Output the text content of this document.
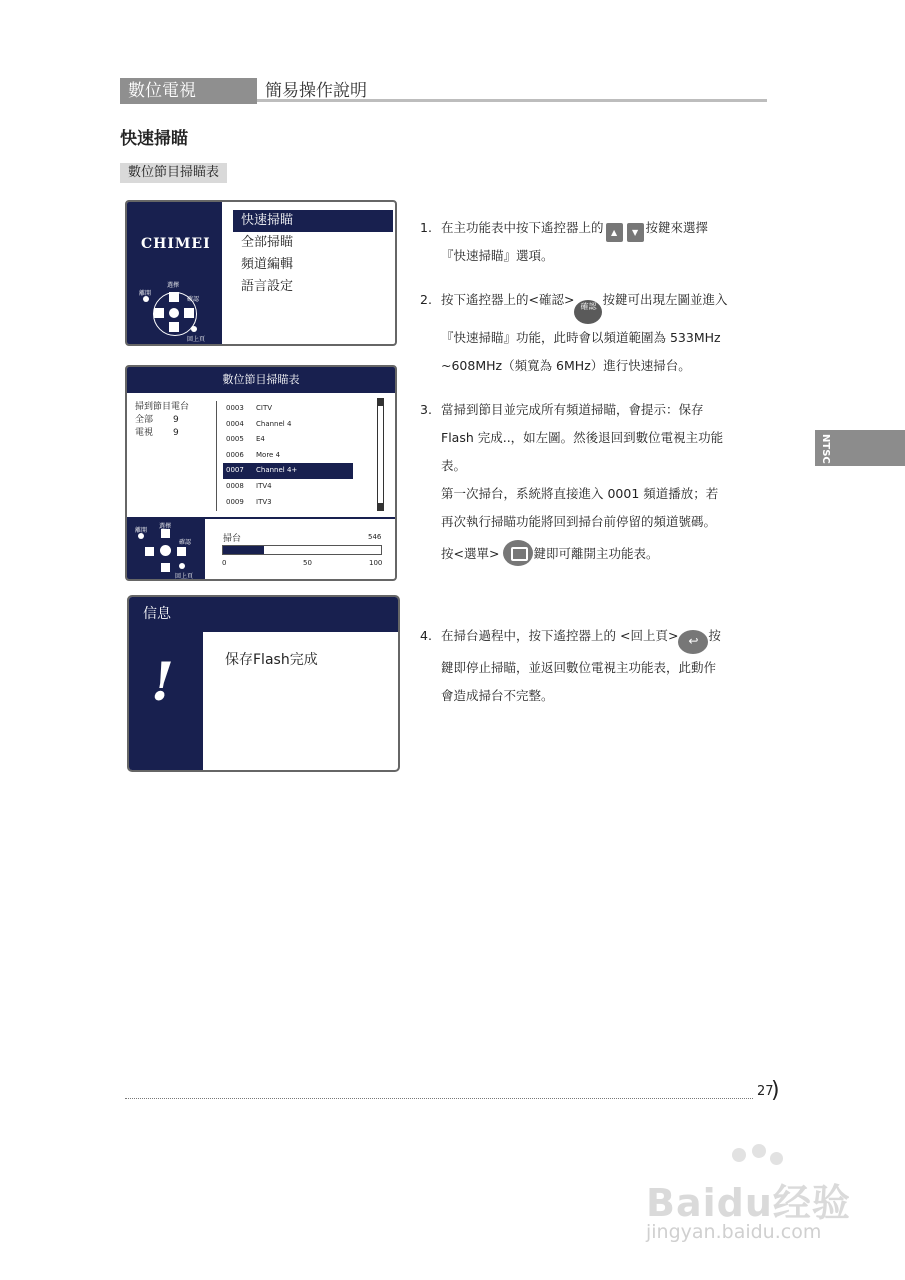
數位電視	簡易操作說明
快速掃瞄
數位節目掃瞄表
CHIMEI
選擇
離開
確認
回上頁
快速掃瞄
全部掃瞄
頻道編輯
語言設定
數位節目掃瞄表
掃到節目電台
全部 9
電視 9
0003 CITV
0004 Channel 4
0005 E4
0006 More 4
0007 Channel 4+
0008 ITV4
0009 ITV3
選擇
離開
確認
回上頁
掃台	546
0	50	100
信息
!	保存Flash完成
1. 在主功能表中按下遙控器上的 ▲ ▼ 按鍵來選擇
『快速掃瞄』選項。
2. 按下遙控器上的<確認> 確認 按鍵可出現左圖並進入
『快速掃瞄』功能，此時會以頻道範圍為 533MHz
~608MHz（頻寬為 6MHz）進行快速掃台。
3. 當掃到節目並完成所有頻道掃瞄，會提示：保存
Flash 完成..，如左圖。然後退回到數位電視主功能
表。
第一次掃台，系統將直接進入 0001 頻道播放；若
再次執行掃瞄功能將回到掃台前停留的頻道號碼。
按<選單>	鍵即可離開主功能表。
4. 在掃台過程中，按下遙控器上的 <回上頁> ↩ 按
鍵即停止掃瞄，並返回數位電視主功能表，此動作
會造成掃台不完整。
NTSC
27
)
Baidu经验
jingyan.baidu.com
